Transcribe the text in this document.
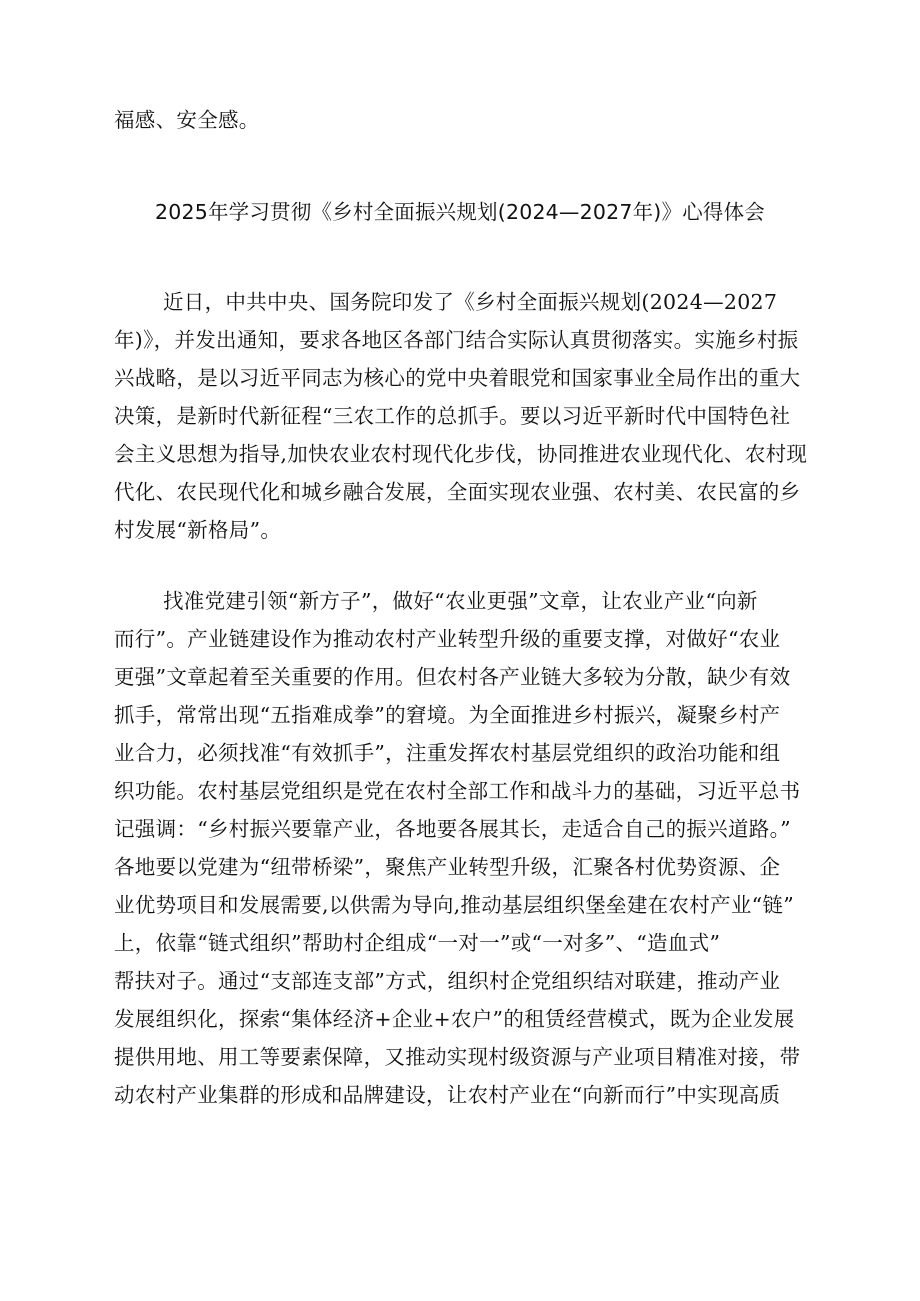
福感、安全感。
2025年学习贯彻《乡村全面振兴规划(2024—2027年)》心得体会
近日，中共中央、国务院印发了《乡村全面振兴规划(2024—2027
年)》，并发出通知，要求各地区各部门结合实际认真贯彻落实。实施乡村振
兴战略，是以习近平同志为核心的党中央着眼党和国家事业全局作出的重大
决策，是新时代新征程“三农工作的总抓手。要以习近平新时代中国特色社
会主义思想为指导,加快农业农村现代化步伐，协同推进农业现代化、农村现
代化、农民现代化和城乡融合发展，全面实现农业强、农村美、农民富的乡
村发展“新格局”。
找准党建引领“新方子”，做好“农业更强”文章，让农业产业“向新
而行”。产业链建设作为推动农村产业转型升级的重要支撑，对做好“农业
更强”文章起着至关重要的作用。但农村各产业链大多较为分散，缺少有效
抓手，常常出现“五指难成拳”的窘境。为全面推进乡村振兴，凝聚乡村产
业合力，必须找准“有效抓手”，注重发挥农村基层党组织的政治功能和组
织功能。农村基层党组织是党在农村全部工作和战斗力的基础，习近平总书
记强调：“乡村振兴要靠产业，各地要各展其长，走适合自己的振兴道路。”
各地要以党建为“纽带桥梁”，聚焦产业转型升级，汇聚各村优势资源、企
业优势项目和发展需要,以供需为导向,推动基层组织堡垒建在农村产业“链”
上，依靠“链式组织”帮助村企组成“一对一”或“一对多”、“造血式”
帮扶对子。通过“支部连支部”方式，组织村企党组织结对联建，推动产业
发展组织化，探索“集体经济+企业+农户”的租赁经营模式，既为企业发展
提供用地、用工等要素保障，又推动实现村级资源与产业项目精准对接，带
动农村产业集群的形成和品牌建设，让农村产业在“向新而行”中实现高质
